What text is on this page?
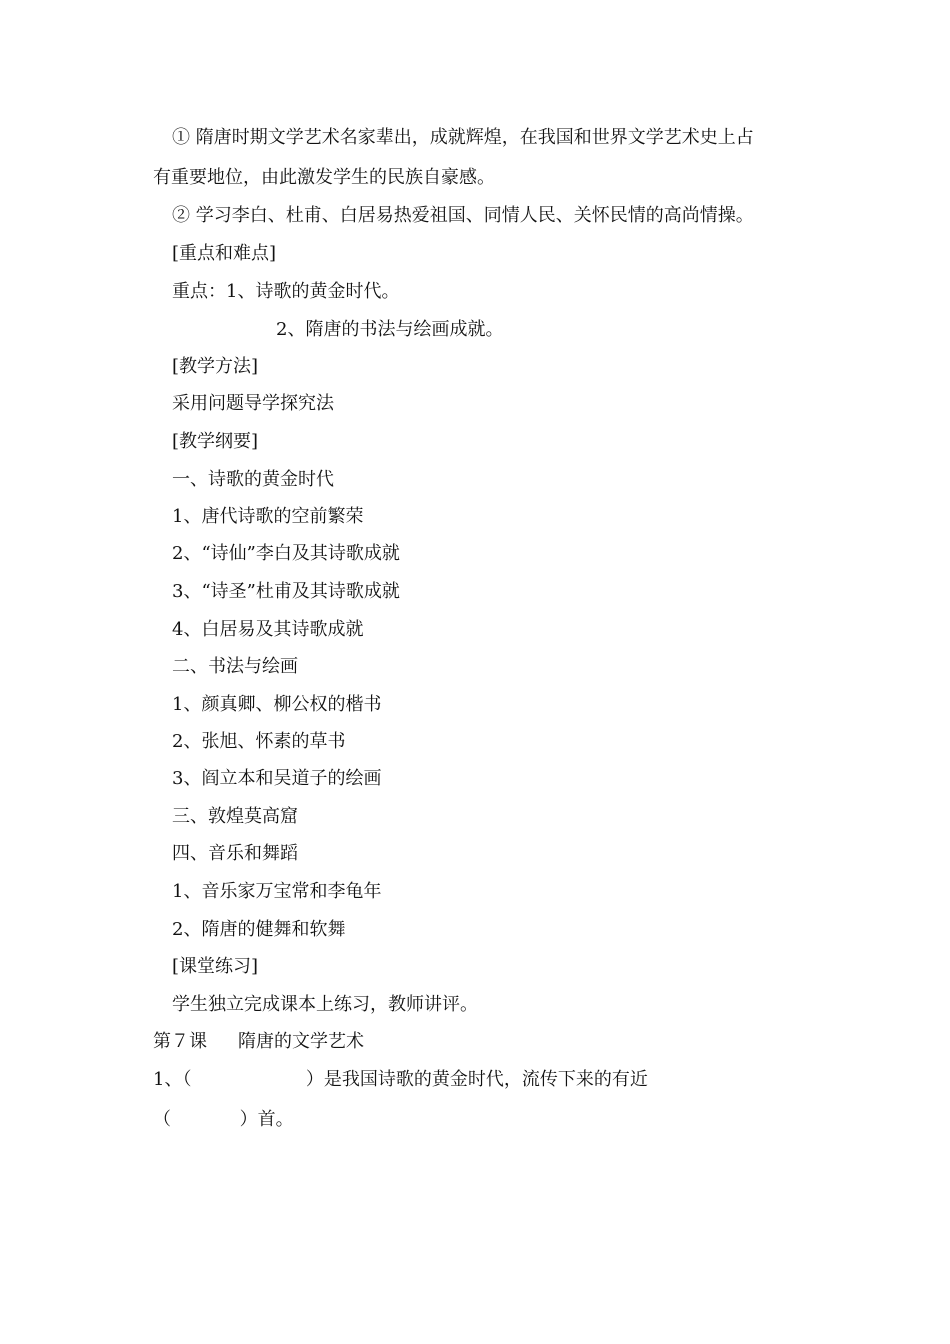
① 隋唐时期文学艺术名家辈出，成就辉煌，在我国和世界文学艺术史上占
有重要地位，由此激发学生的民族自豪感。
② 学习李白、杜甫、白居易热爱祖国、同情人民、关怀民情的高尚情操。
[重点和难点]
重点：1、诗歌的黄金时代。
2、隋唐的书法与绘画成就。
[教学方法]
采用问题导学探究法
[教学纲要]
一、诗歌的黄金时代
1、唐代诗歌的空前繁荣
2、“诗仙”李白及其诗歌成就
3、“诗圣”杜甫及其诗歌成就
4、白居易及其诗歌成就
二、书法与绘画
1、颜真卿、柳公权的楷书
2、张旭、怀素的草书
3、阎立本和吴道子的绘画
三、敦煌莫高窟
四、音乐和舞蹈
1、音乐家万宝常和李龟年
2、隋唐的健舞和软舞
[课堂练习]
学生独立完成课本上练习，教师讲评。
第７课 隋唐的文学艺术
1、（                    ）是我国诗歌的黄金时代，流传下来的有近
（            ）首。
